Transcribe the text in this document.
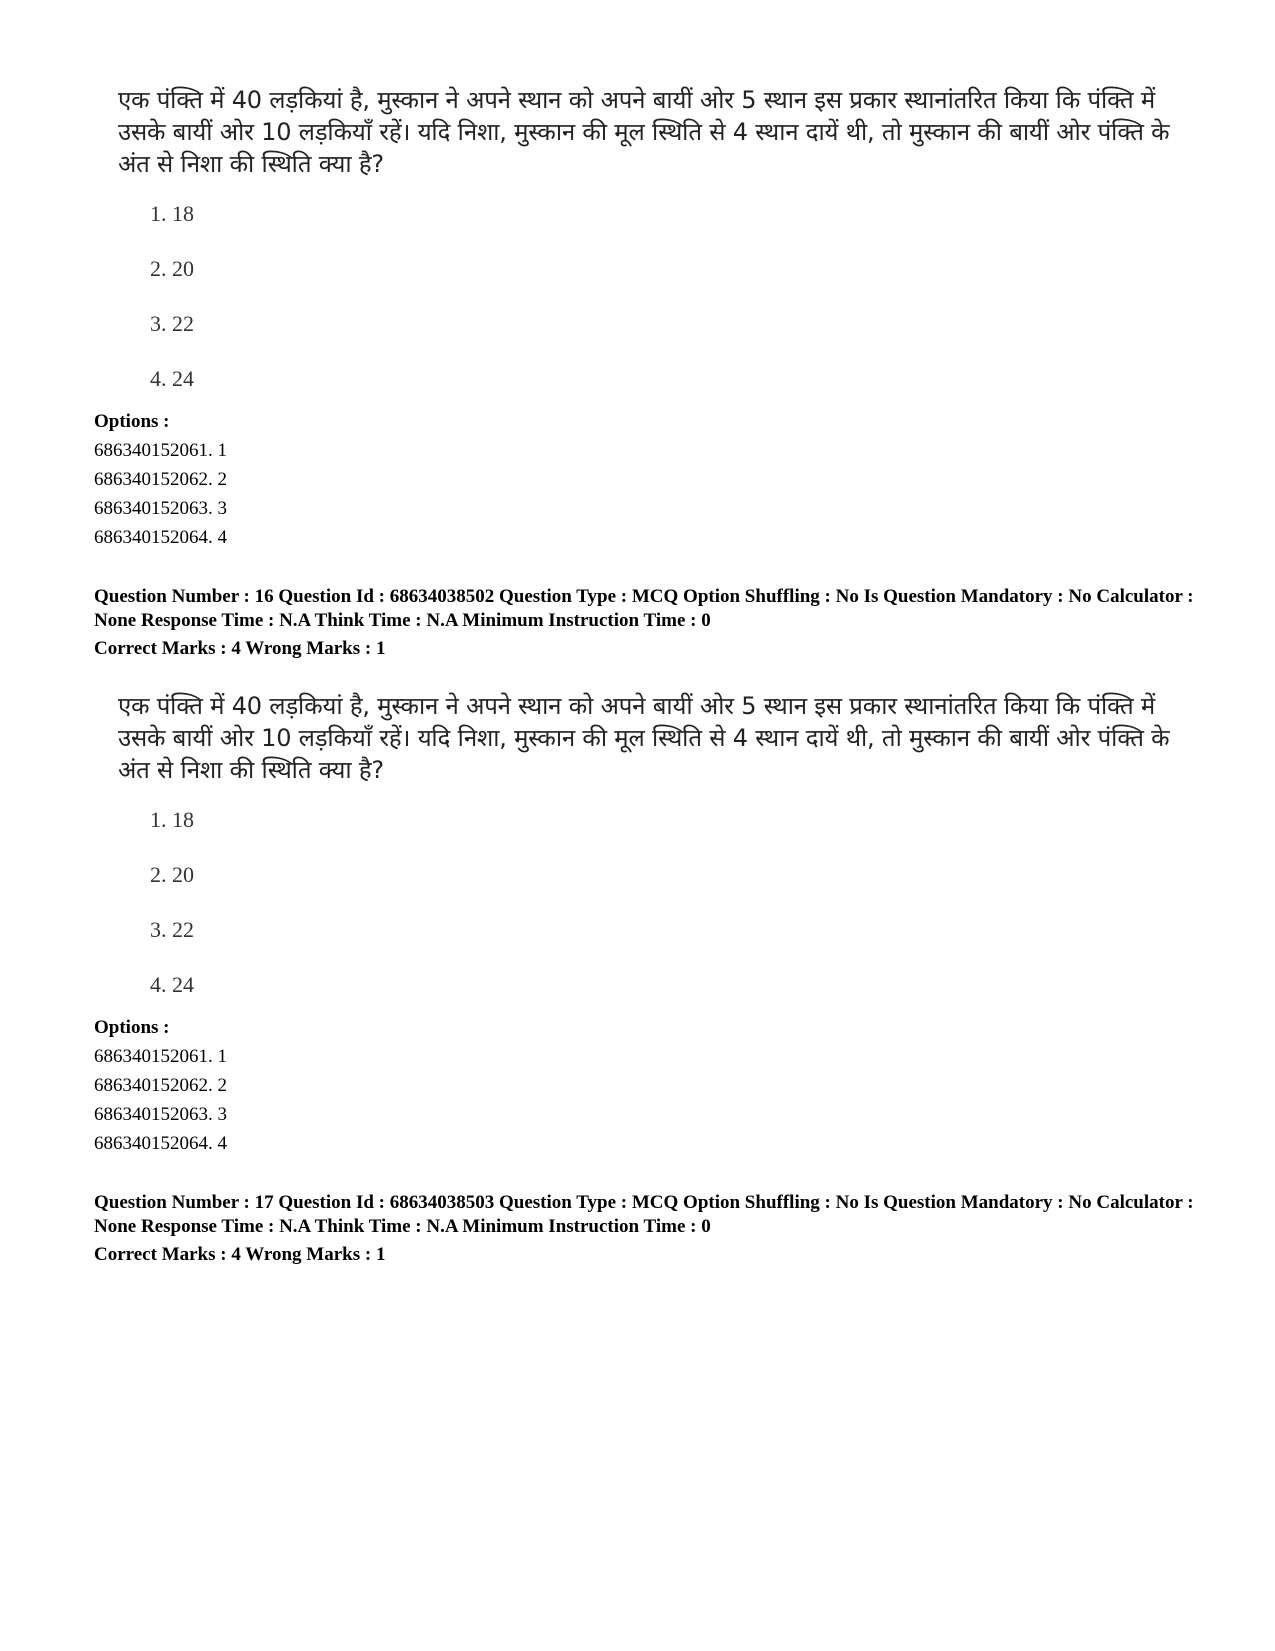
एक पंक्ति में 40 लड़कियां है, मुस्कान ने अपने स्थान को अपने बायीं ओर 5 स्थान इस प्रकार स्थानांतरित किया कि पंक्ति में उसके बायीं ओर 10 लड़कियाँ रहें। यदि निशा, मुस्कान की मूल स्थिति से 4 स्थान दायें थी, तो मुस्कान की बायीं ओर पंक्ति के अंत से निशा की स्थिति क्या है?

1. 18
2. 20
3. 22
4. 24
Options :
686340152061. 1
686340152062. 2
686340152063. 3
686340152064. 4

Question Number : 16 Question Id : 68634038502 Question Type : MCQ Option Shuffling : No Is Question Mandatory : No Calculator : None Response Time : N.A Think Time : N.A Minimum Instruction Time : 0

Correct Marks : 4 Wrong Marks : 1

एक पंक्ति में 40 लड़कियां है, मुस्कान ने अपने स्थान को अपने बायीं ओर 5 स्थान इस प्रकार स्थानांतरित किया कि पंक्ति में उसके बायीं ओर 10 लड़कियाँ रहें। यदि निशा, मुस्कान की मूल स्थिति से 4 स्थान दायें थी, तो मुस्कान की बायीं ओर पंक्ति के अंत से निशा की स्थिति क्या है?

1. 18
2. 20
3. 22
4. 24
Options :
686340152061. 1
686340152062. 2
686340152063. 3
686340152064. 4

Question Number : 17 Question Id : 68634038503 Question Type : MCQ Option Shuffling : No Is Question Mandatory : No Calculator : None Response Time : N.A Think Time : N.A Minimum Instruction Time : 0

Correct Marks : 4 Wrong Marks : 1
